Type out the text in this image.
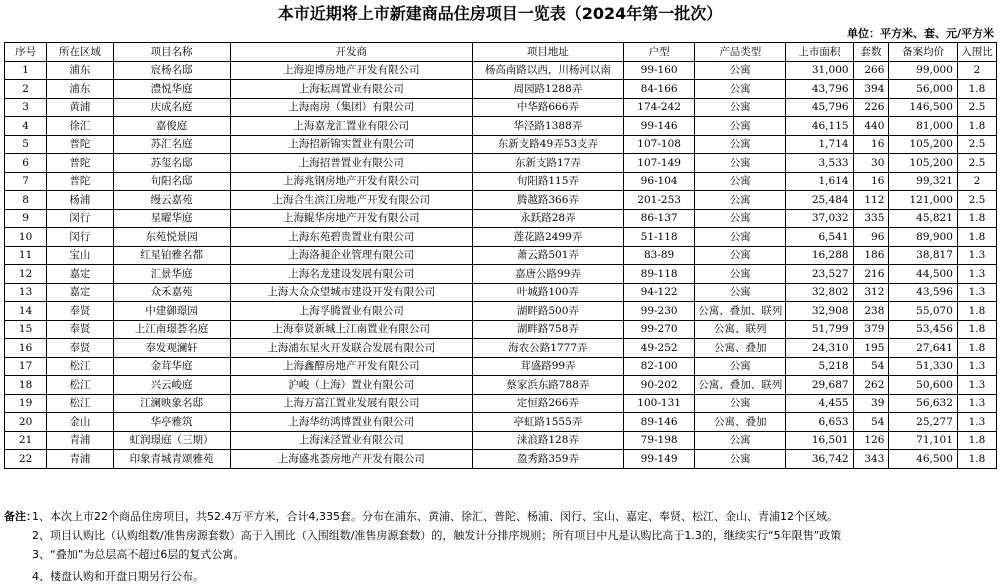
本市近期将上市新建商品住房项目一览表（2024年第一批次）
单位：平方米、套、元/平方米
序号	所在区域	项目名称	开发商	项目地址	户型	产品类型	上市面积	套数	备案均价	入围比
1	浦东	宸杨名邸	上海迎博房地产开发有限公司	杨高南路以西，川杨河以南	99-160	公寓	31,000	266	99,000	2
2	浦东	澧悦华庭	上海耘周置业有限公司	周园路1288弄	84-166	公寓	43,796	394	56,000	1.8
3	黄浦	庆成名庭	上海南房（集团）有限公司	中华路666弄	174-242	公寓	45,796	226	146,500	2.5
4	徐汇	嘉俊庭	上海嘉龙汇置业有限公司	华泾路1388弄	99-146	公寓	46,115	440	81,000	1.8
5	普陀	苏汇名庭	上海招新锦实置业有限公司	东新支路49弄53支弄	107-108	公寓	1,714	16	105,200	2.5
6	普陀	苏玺名邸	上海招普置业有限公司	东新支路17弄	107-149	公寓	3,533	30	105,200	2.5
7	普陀	旬阳名邸	上海兆钢房地产开发有限公司	旬阳路115弄	96-104	公寓	1,614	16	99,321	2
8	杨浦	缦云嘉苑	上海合生滨江房地产开发有限公司	腾越路366弄	201-253	公寓	25,484	112	121,000	2.5
9	闵行	星曜华庭	上海鲲华房地产开发有限公司	永跃路28弄	86-137	公寓	37,032	335	45,821	1.8
10	闵行	东苑悦景园	上海东苑碧贵置业有限公司	莲花路2499弄	51-118	公寓	6,541	96	89,900	1.8
11	宝山	红星铂雅名都	上海洛昶企业管理有限公司	萧云路501弄	83-89	公寓	16,288	186	38,817	1.3
12	嘉定	汇景华庭	上海名龙建设发展有限公司	嘉唐公路99弄	89-118	公寓	23,527	216	44,500	1.3
13	嘉定	众禾嘉苑	上海大众众望城市建设开发有限公司	叶城路100弄	94-122	公寓	32,802	312	43,596	1.3
14	奉贤	中建御璟园	上海孚腾置业有限公司	湖畔路500弄	99-230	公寓、叠加、联列	32,908	238	55,070	1.8
15	奉贤	上江南璟荟名庭	上海奉贤新城上江南置业有限公司	湖畔路758弄	99-270	公寓、联列	51,799	379	53,456	1.8
16	奉贤	奉发观澜轩	上海浦东星火开发联合发展有限公司	海农公路1777弄	49-252	公寓、叠加	24,310	195	27,641	1.8
17	松江	金茸华庭	上海鑫醇房地产开发有限公司	茸盛路99弄	82-100	公寓	5,218	54	51,330	1.3
18	松江	兴云峻庭	沪峻（上海）置业有限公司	蔡家浜东路788弄	90-202	公寓、叠加、联列	29,687	262	50,600	1.3
19	松江	江澜映象名邸	上海万富江置业发展有限公司	定恒路266弄	100-131	公寓	4,455	39	56,632	1.3
20	金山	华亭雅筑	上海华纺鸿博置业有限公司	亭虹路1555弄	89-146	公寓、叠加	6,653	54	25,277	1.3
21	青浦	虹润璟庭（三期）	上海涞泾置业有限公司	涞浪路128弄	79-198	公寓	16,501	126	71,101	1.8
22	青浦	印象青城青颂雅苑	上海盛兆荟房地产开发有限公司	盈秀路359弄	99-149	公寓	36,742	343	46,500	1.8
备注：
1、本次上市22个商品住房项目，共52.4万平方米，合计4,335套。分布在浦东、黄浦、徐汇、普陀、杨浦、闵行、宝山、嘉定、奉贤、松江、金山、青浦12个区域。
2、项目认购比（认购组数/准售房源套数）高于入围比（入围组数/准售房源套数）的，触发计分排序规则；所有项目中凡是认购比高于1.3的，继续实行“5年限售”政策
3、“叠加”为总层高不超过6层的复式公寓。
4、楼盘认购和开盘日期另行公布。
